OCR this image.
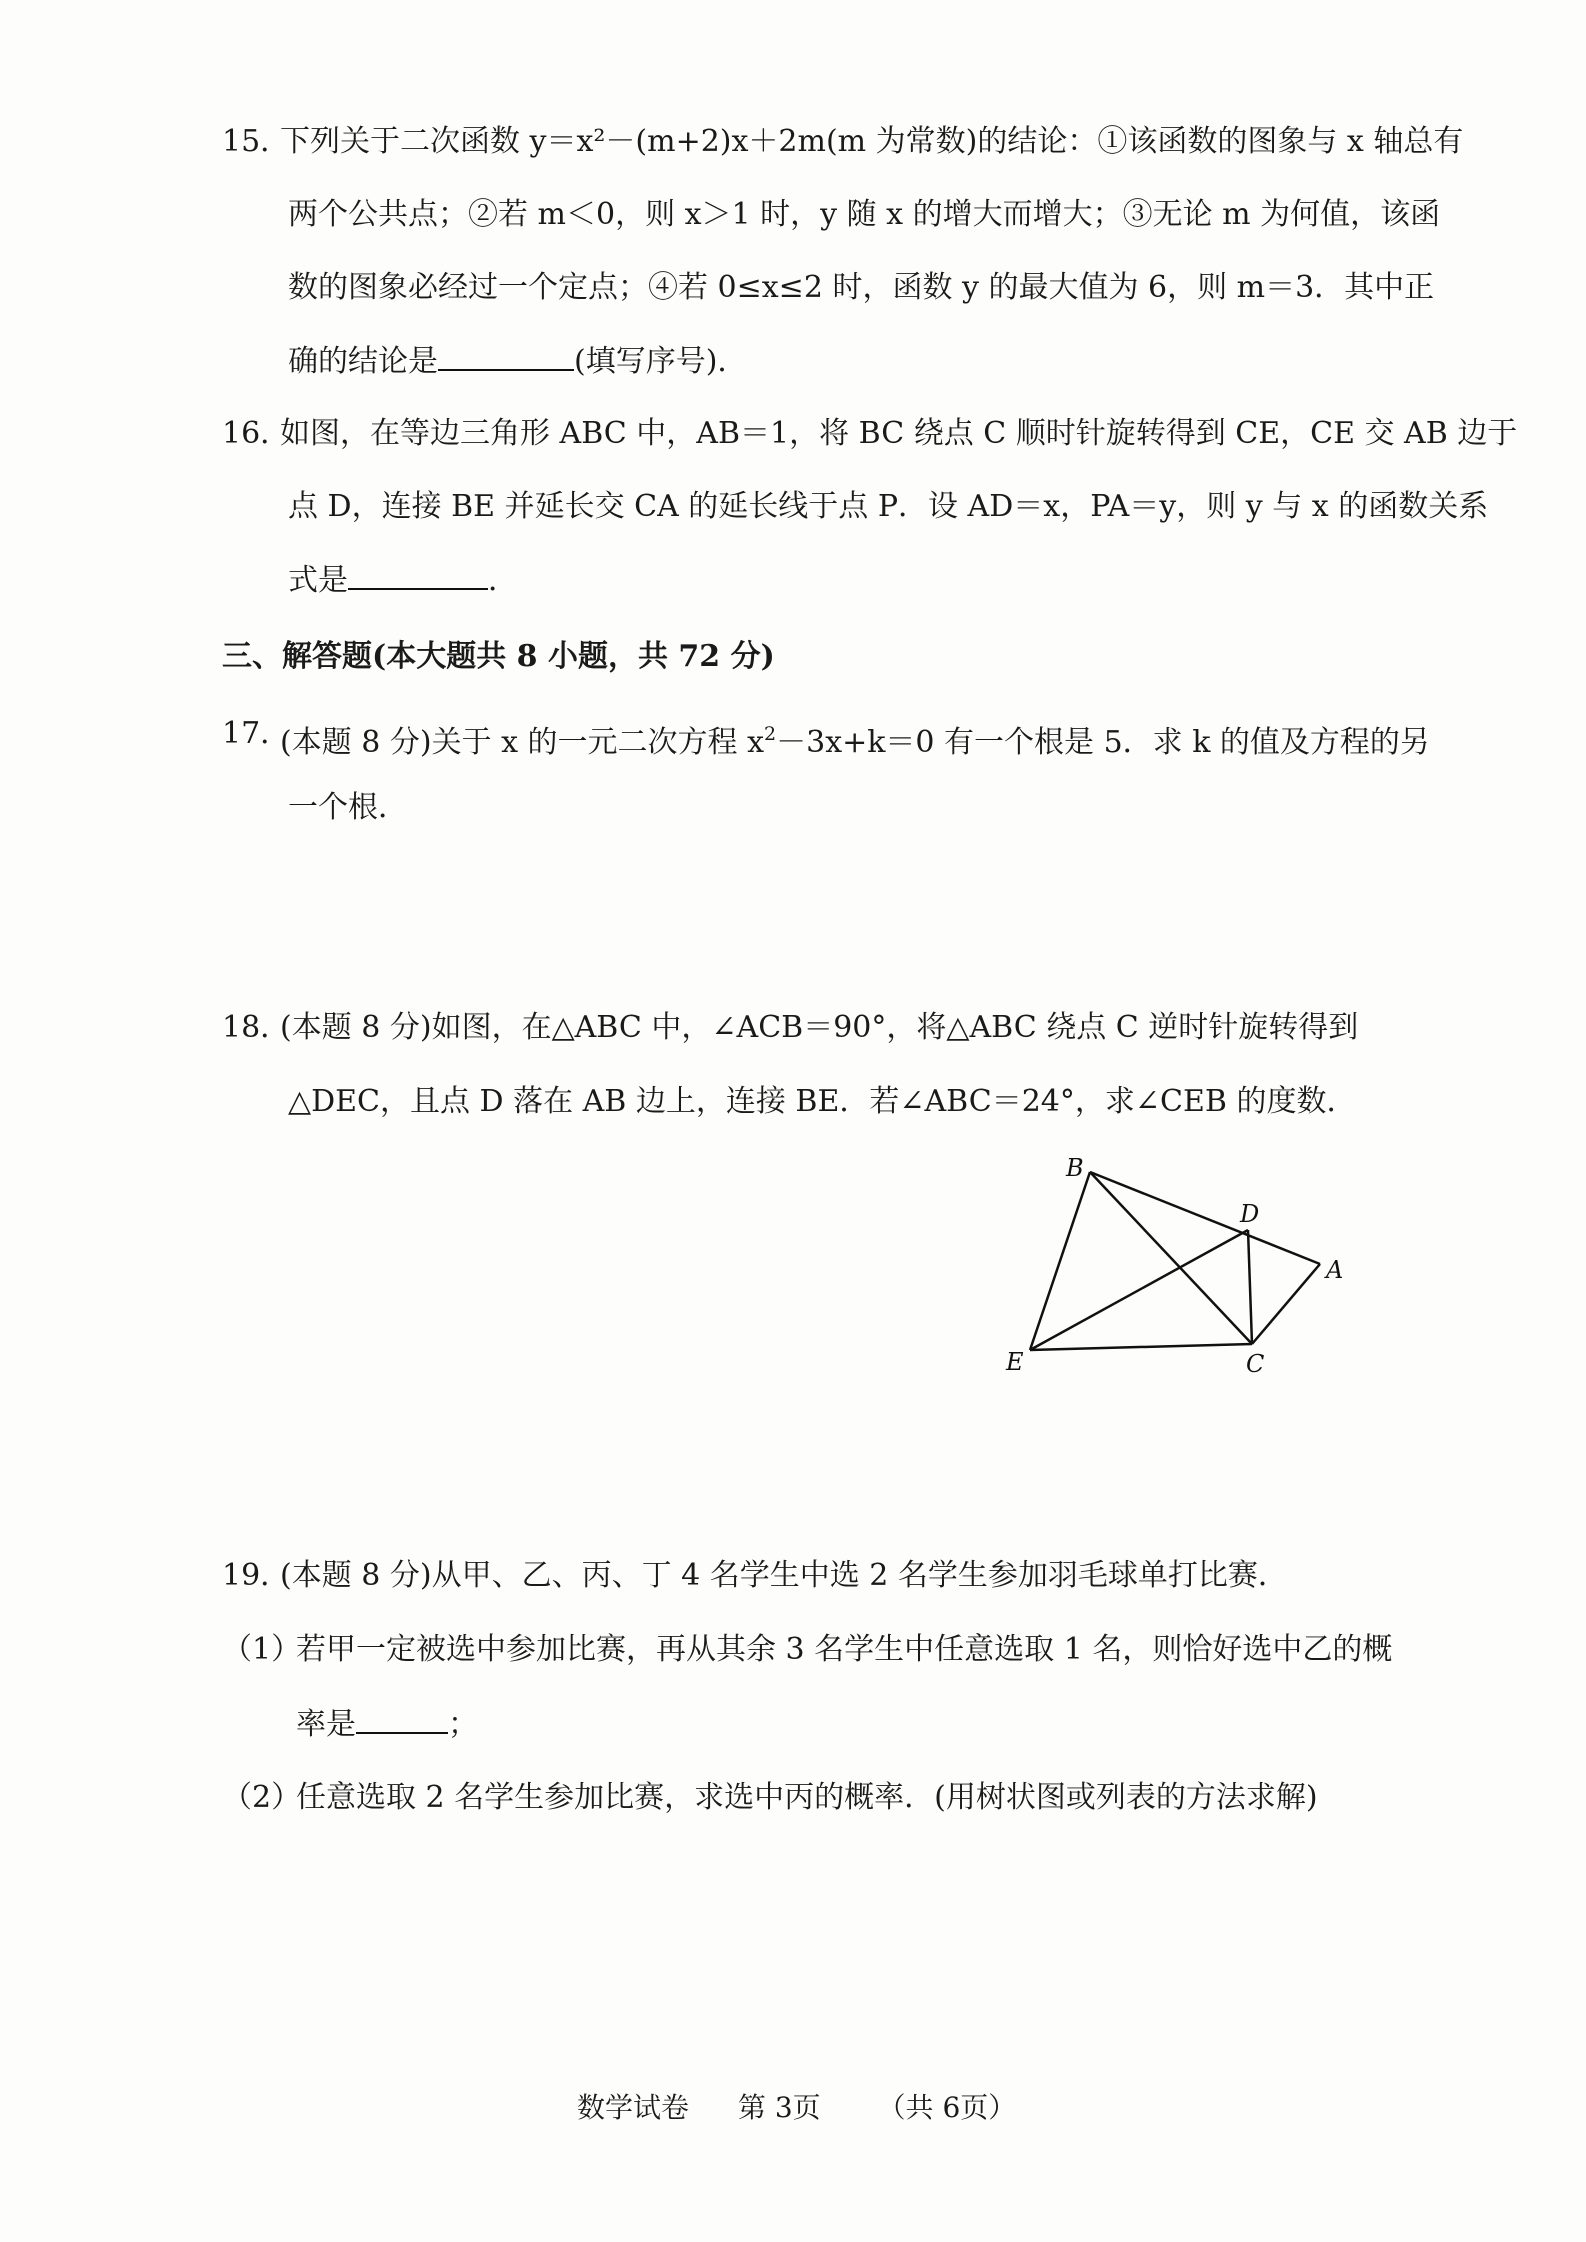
15．
下列关于二次函数 y＝x²－(m+2)x＋2m(m 为常数)的结论：①该函数的图象与 x 轴总有
两个公共点；②若 m＜0，则 x＞1 时，y 随 x 的增大而增大；③无论 m 为何值，该函
数的图象必经过一个定点；④若 0≤x≤2 时，函数 y 的最大值为 6，则 m＝3．其中正
确的结论是	(填写序号)．
16．
如图，在等边三角形 ABC 中，AB＝1，将 BC 绕点 C 顺时针旋转得到 CE，CE 交 AB 边于
点 D，连接 BE 并延长交 CA 的延长线于点 P．设 AD＝x，PA＝y，则 y 与 x 的函数关系
式是	．
三、解答题(本大题共 8 小题，共 72 分)
17．
(本题 8 分)关于 x 的一元二次方程 $x^2-3x+k=0$ 有一个根是 5．求 k 的值及方程的另
一个根．
18．
(本题 8 分)如图，在△ABC 中，∠ACB＝90°，将△ABC 绕点 C 逆时针旋转得到
△DEC，且点 D 落在 AB 边上，连接 BE．若∠ABC＝24°，求∠CEB 的度数．
B
D
A
E	C
19．
(本题 8 分)从甲、乙、丙、丁 4 名学生中选 2 名学生参加羽毛球单打比赛．
（1）
若甲一定被选中参加比赛，再从其余 3 名学生中任意选取 1 名，则恰好选中乙的概
率是	；
（2）
任意选取 2 名学生参加比赛，求选中丙的概率．(用树状图或列表的方法求解)
数学试卷 第 3页 （共 6页）
